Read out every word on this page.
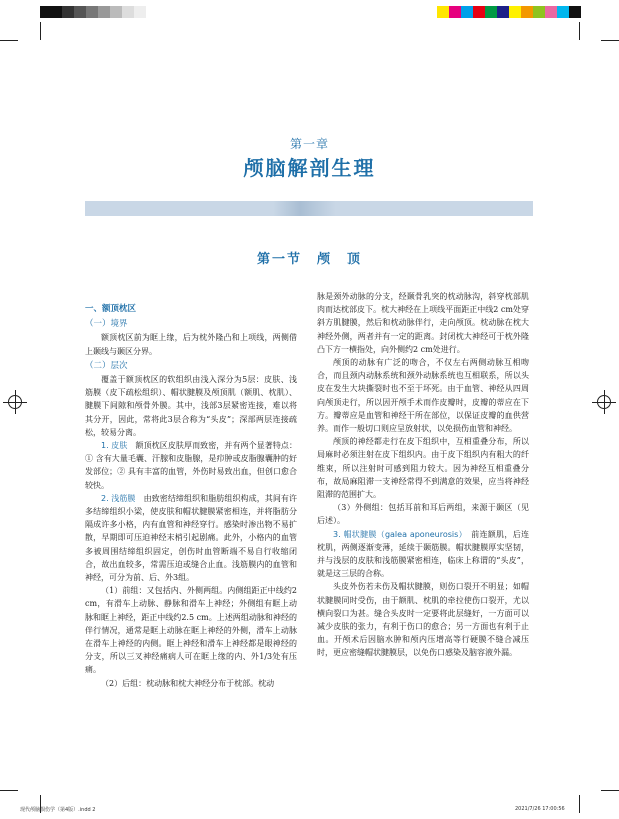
第一章
颅脑解剖生理
第一节　颅　顶
一、额顶枕区
（一）境界

额顶枕区前为眶上缘，后为枕外隆凸和上项线，两侧借上颞线与颞区分界。

（二）层次

覆盖于额顶枕区的软组织由浅入深分为5层：皮肤、浅筋膜（皮下疏松组织）、帽状腱膜及颅顶肌（额肌、枕肌）、腱膜下间隙和颅骨外膜。其中，浅部3层紧密连接，难以将其分开，因此，常将此3层合称为“头皮”；深部两层连接疏松，较易分离。

1. 皮肤　 额顶枕区皮肤厚而致密，并有两个显著特点：① 含有大量毛囊、汗腺和皮脂腺，是疖肿或皮脂腺囊肿的好发部位；② 具有丰富的血管，外伤时易致出血，但创口愈合较快。

2. 浅筋膜　 由致密结缔组织和脂肪组织构成，其间有许多结缔组织小梁，使皮肤和帽状腱膜紧密相连，并将脂肪分隔成许多小格，内有血管和神经穿行。感染时渗出物不易扩散，早期即可压迫神经末梢引起剧痛。此外，小格内的血管多被周围结缔组织固定，创伤时血管断端不易自行收缩闭合，故出血较多，常需压迫或缝合止血。浅筋膜内的血管和神经，可分为前、后、外3组。

（1）前组：又包括内、外侧两组。内侧组距正中线约2 cm，有滑车上动脉、静脉和滑车上神经；外侧组有眶上动脉和眶上神经，距正中线约2.5 cm。上述两组动脉和神经的伴行情况，通常是眶上动脉在眶上神经的外侧，滑车上动脉在滑车上神经的内侧。眶上神经和滑车上神经都是眼神经的分支，所以三叉神经痛病人可在眶上缘的内、外1/3处有压痛。

（2）后组：枕动脉和枕大神经分布于枕部。枕动

脉是颈外动脉的分支，经颞骨乳突的枕动脉沟，斜穿枕部肌肉而达枕部皮下。枕大神经在上项线平面距正中线2 cm处穿斜方肌腱膜，然后和枕动脉伴行，走向颅顶。枕动脉在枕大神经外侧，两者并有一定的距离。封闭枕大神经可于枕外隆凸下方一横指处，向外侧约2 cm处进行。

颅顶的动脉有广泛的吻合，不仅左右两侧动脉互相吻合，而且颈内动脉系统和颈外动脉系统也互相联系，所以头皮在发生大块撕裂时也不至于坏死。由于血管、神经从四周向颅顶走行，所以因开颅手术而作皮瓣时，皮瓣的蒂应在下方。瓣蒂应是血管和神经干所在部位，以保证皮瓣的血供营养。而作一般切口则应呈放射状，以免损伤血管和神经。

颅顶的神经都走行在皮下组织中，互相重叠分布，所以局麻时必须注射在皮下组织内。由于皮下组织内有粗大的纤维束，所以注射时可感到阻力较大。因为神经互相重叠分布，故局麻阻滞一支神经常得不到满意的效果，应当将神经阻滞的范围扩大。

（3）外侧组：包括耳前和耳后两组，来源于颞区（见后述）。

3. 帽状腱膜（galea aponeurosis）　 前连额肌，后连枕肌，两侧逐渐变薄，延续于颞筋膜。帽状腱膜厚实坚韧，并与浅层的皮肤和浅筋膜紧密相连，临床上称谓的“头皮”，就是这三层的合称。

头皮外伤若未伤及帽状腱膜，则伤口裂开不明显；如帽状腱膜同时受伤，由于额肌、枕肌的牵拉使伤口裂开，尤以横向裂口为甚。缝合头皮时一定要将此层缝好，一方面可以减少皮肤的张力，有利于伤口的愈合；另一方面也有利于止血。开颅术后因脑水肿和颅内压增高等行硬膜不缝合减压时，更应密缝帽状腱膜层，以免伤口感染及脑容液外漏。

现代颅脑损伤学（第4版）.indd 2	2021/7/26 17:00:56
